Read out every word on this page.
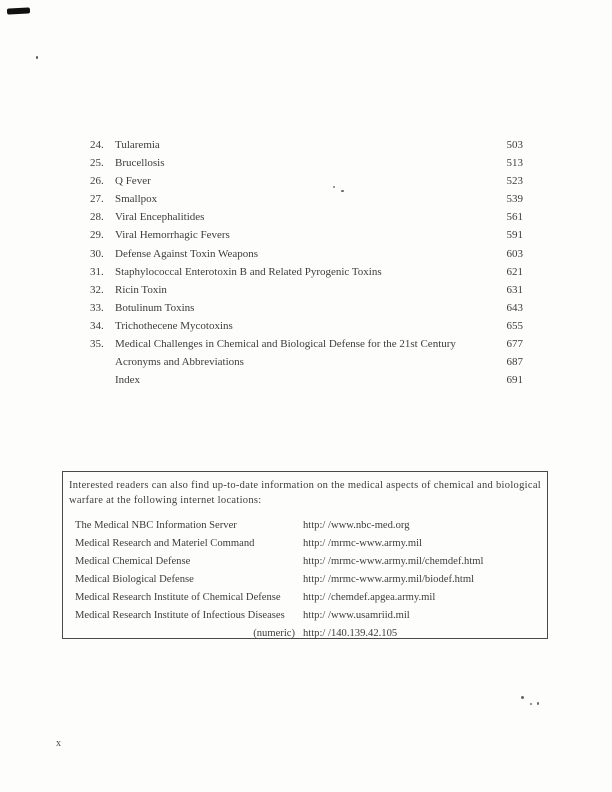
24.	Tularemia	503
25.	Brucellosis	513
26.	Q Fever	523
27.	Smallpox	539
28.	Viral Encephalitides	561
29.	Viral Hemorrhagic Fevers	591
30.	Defense Against Toxin Weapons	603
31.	Staphylococcal Enterotoxin B and Related Pyrogenic Toxins	621
32.	Ricin Toxin	631
33.	Botulinum Toxins	643
34.	Trichothecene Mycotoxins	655
35.	Medical Challenges in Chemical and Biological Defense for the 21st Century	677
Acronyms and Abbreviations	687
Index	691
Interested readers can also find up-to-date information on the medical aspects of chemical and biological warfare at the following internet locations:
The Medical NBC Information Server	http:/ /www.nbc-med.org
Medical Research and Materiel Command	http:/ /mrmc-www.army.mil
Medical Chemical Defense	http:/ /mrmc-www.army.mil/chemdef.html
Medical Biological Defense	http:/ /mrmc-www.army.mil/biodef.html
Medical Research Institute of Chemical Defense	http:/ /chemdef.apgea.army.mil
Medical Research Institute of Infectious Diseases	http:/ /www.usamriid.mil
(numeric) http:/ /140.139.42.105
x
